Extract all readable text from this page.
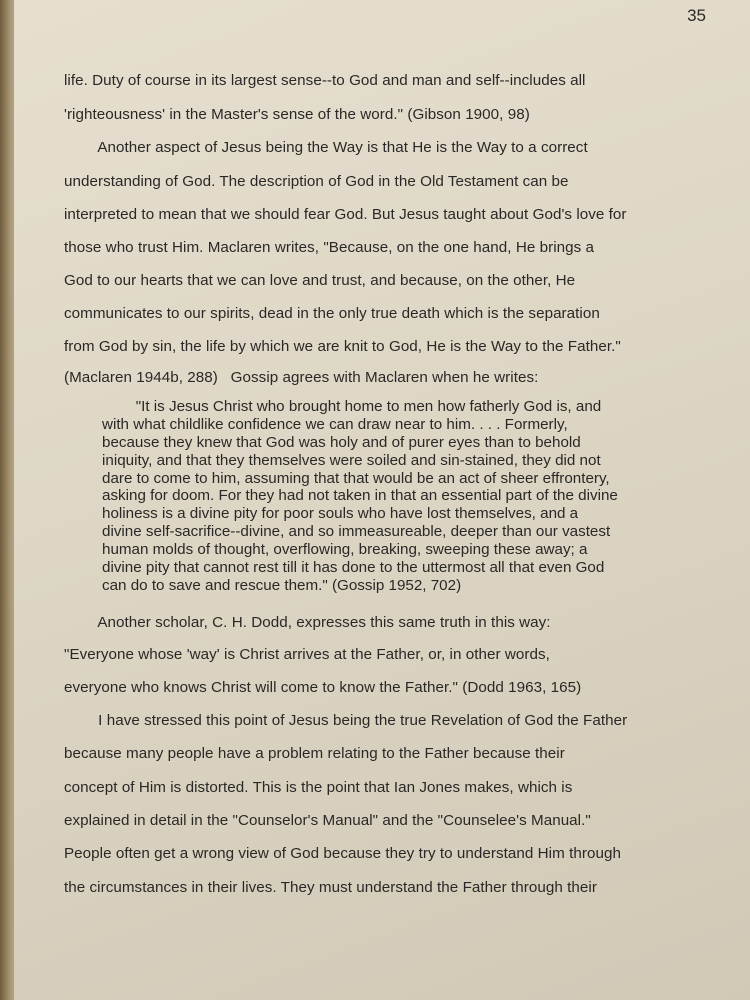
35
life. Duty of course in its largest sense--to God and man and self--includes all
'righteousness' in the Master's sense of the word." (Gibson 1900, 98)
Another aspect of Jesus being the Way is that He is the Way to a correct
understanding of God. The description of God in the Old Testament can be
interpreted to mean that we should fear God. But Jesus taught about God's love for
those who trust Him. Maclaren writes, "Because, on the one hand, He brings a
God to our hearts that we can love and trust, and because, on the other, He
communicates to our spirits, dead in the only true death which is the separation
from God by sin, the life by which we are knit to God, He is the Way to the Father."
(Maclaren 1944b, 288)   Gossip agrees with Maclaren when he writes:
"It is Jesus Christ who brought home to men how fatherly God is, and
with what childlike confidence we can draw near to him. . . . Formerly,
because they knew that God was holy and of purer eyes than to behold
iniquity, and that they themselves were soiled and sin-stained, they did not
dare to come to him, assuming that that would be an act of sheer effrontery,
asking for doom. For they had not taken in that an essential part of the divine
holiness is a divine pity for poor souls who have lost themselves, and a
divine self-sacrifice--divine, and so immeasureable, deeper than our vastest
human molds of thought, overflowing, breaking, sweeping these away; a
divine pity that cannot rest till it has done to the uttermost all that even God
can do to save and rescue them." (Gossip 1952, 702)
Another scholar, C. H. Dodd, expresses this same truth in this way:
"Everyone whose 'way' is Christ arrives at the Father, or, in other words,
everyone who knows Christ will come to know the Father." (Dodd 1963, 165)
I have stressed this point of Jesus being the true Revelation of God the Father
because many people have a problem relating to the Father because their
concept of Him is distorted. This is the point that Ian Jones makes, which is
explained in detail in the "Counselor's Manual" and the "Counselee's Manual."
People often get a wrong view of God because they try to understand Him through
the circumstances in their lives. They must understand the Father through their
